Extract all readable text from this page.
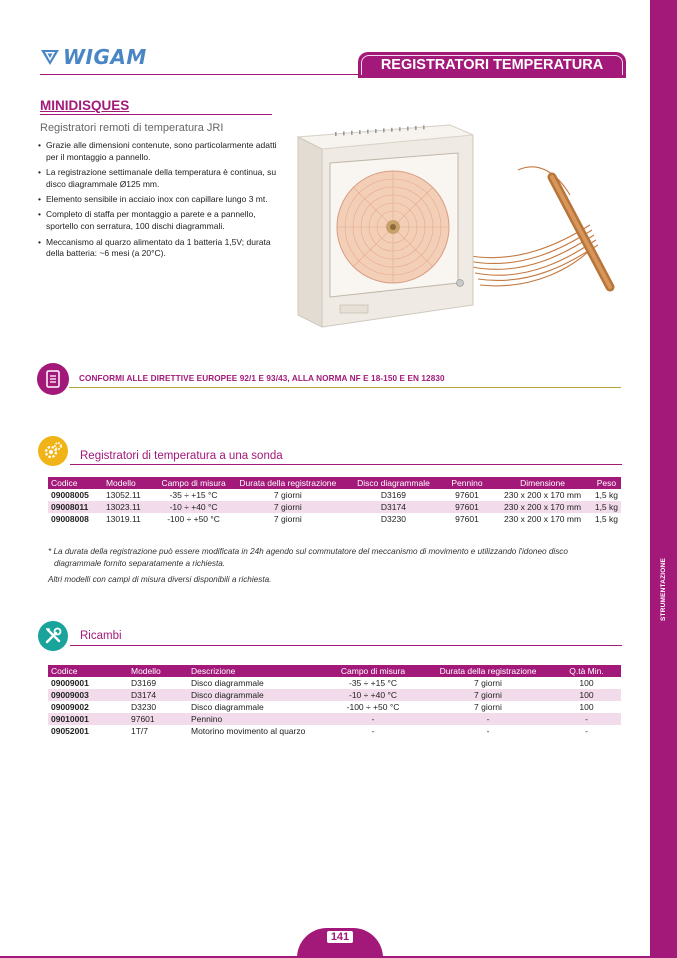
STRUMENTAZIONE
WIGAM	REGISTRATORI TEMPERATURA
MINIDISQUES
Registratori remoti di temperatura JRI
• Grazie alle dimensioni contenute, sono particolarmente adatti per il montaggio a pannello.
• La registrazione settimanale della temperatura è continua, su disco diagrammale Ø125 mm.
• Elemento sensibile in acciaio inox con capillare lungo 3 mt.
• Completo di staffa per montaggio a parete e a pannello, sportello con serratura, 100 dischi diagrammali.
• Meccanismo al quarzo alimentato da 1 batteria 1,5V; durata della batteria: ~6 mesi (a 20°C).
CONFORMI ALLE DIRETTIVE EUROPEE 92/1 E 93/43, ALLA NORMA NF E 18-150 E EN 12830
Registratori di temperatura a una sonda
Codice	Modello	Campo di misura	Durata della registrazione	Disco diagrammale	Pennino	Dimensione	Peso
09008005	13052.11	-35 ÷ +15 °C	7 giorni	D3169	97601	230 x 200 x 170 mm	1,5 kg
09008011	13023.11	-10 ÷ +40 °C	7 giorni	D3174	97601	230 x 200 x 170 mm	1,5 kg
09008008	13019.11	-100 ÷ +50 °C	7 giorni	D3230	97601	230 x 200 x 170 mm	1,5 kg

* La durata della registrazione può essere modificata in 24h agendo sul commutatore del meccanismo di movimento e utilizzando l'idoneo disco
diagrammale fornito separatamente a richiesta.

Altri modelli con campi di misura diversi disponibili a richiesta.

Ricambi
Codice	Modello	Descrizione	Campo di misura	Durata della registrazione	Q.tà Min.
09009001	D3169	Disco diagrammale	-35 ÷ +15 °C	7 giorni	100
09009003	D3174	Disco diagrammale	-10 ÷ +40 °C	7 giorni	100
09009002	D3230	Disco diagrammale	-100 ÷ +50 °C	7 giorni	100
09010001	97601	Pennino	-	-	-
09052001	1T/7	Motorino movimento al quarzo	-	-	-
141
